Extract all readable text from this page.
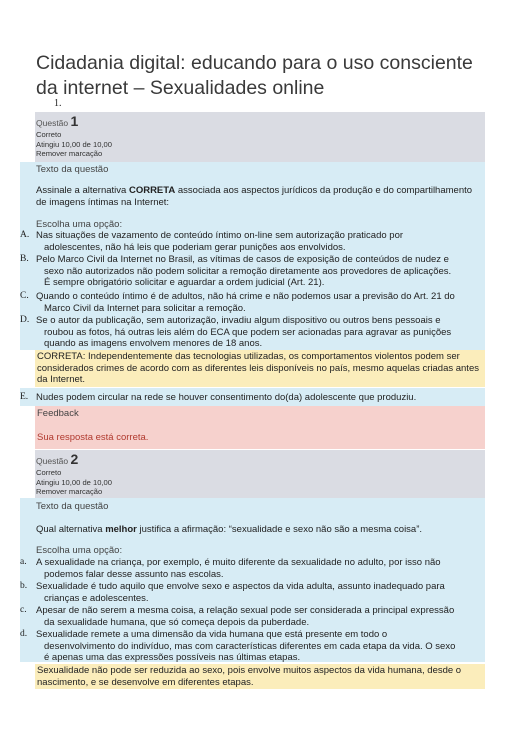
Cidadania digital: educando para o uso consciente da internet – Sexualidades online
1.
Questão 1
Correto
Atingiu 10,00 de 10,00
Remover marcação
Texto da questão
Assinale a alternativa CORRETA associada aos aspectos jurídicos da produção e do compartilhamento de imagens íntimas na Internet:
Escolha uma opção:
A. Nas situações de vazamento de conteúdo íntimo on-line sem autorização praticado por adolescentes, não há leis que poderiam gerar punições aos envolvidos.
B. Pelo Marco Civil da Internet no Brasil, as vítimas de casos de exposição de conteúdos de nudez e sexo não autorizados não podem solicitar a remoção diretamente aos provedores de aplicações. É sempre obrigatório solicitar e aguardar a ordem judicial (Art. 21).
C. Quando o conteúdo íntimo é de adultos, não há crime e não podemos usar a previsão do Art. 21 do Marco Civil da Internet para solicitar a remoção.
D. Se o autor da publicação, sem autorização, invadiu algum dispositivo ou outros bens pessoais e roubou as fotos, há outras leis além do ECA que podem ser acionadas para agravar as punições quando as imagens envolvem menores de 18 anos.
CORRETA: Independentemente das tecnologias utilizadas, os comportamentos violentos podem ser considerados crimes de acordo com as diferentes leis disponíveis no país, mesmo aquelas criadas antes da Internet.
E. Nudes podem circular na rede se houver consentimento do(da) adolescente que produziu.
Feedback
Sua resposta está correta.
Questão 2
Correto
Atingiu 10,00 de 10,00
Remover marcação
Texto da questão
Qual alternativa melhor justifica a afirmação: “sexualidade e sexo não são a mesma coisa”.
Escolha uma opção:
a. A sexualidade na criança, por exemplo, é muito diferente da sexualidade no adulto, por isso não podemos falar desse assunto nas escolas.
b. Sexualidade é tudo aquilo que envolve sexo e aspectos da vida adulta, assunto inadequado para crianças e adolescentes.
c. Apesar de não serem a mesma coisa, a relação sexual pode ser considerada a principal expressão da sexualidade humana, que só começa depois da puberdade.
d. Sexualidade remete a uma dimensão da vida humana que está presente em todo o desenvolvimento do indivíduo, mas com características diferentes em cada etapa da vida. O sexo é apenas uma das expressões possíveis nas últimas etapas.
Sexualidade não pode ser reduzida ao sexo, pois envolve muitos aspectos da vida humana, desde o nascimento, e se desenvolve em diferentes etapas.
